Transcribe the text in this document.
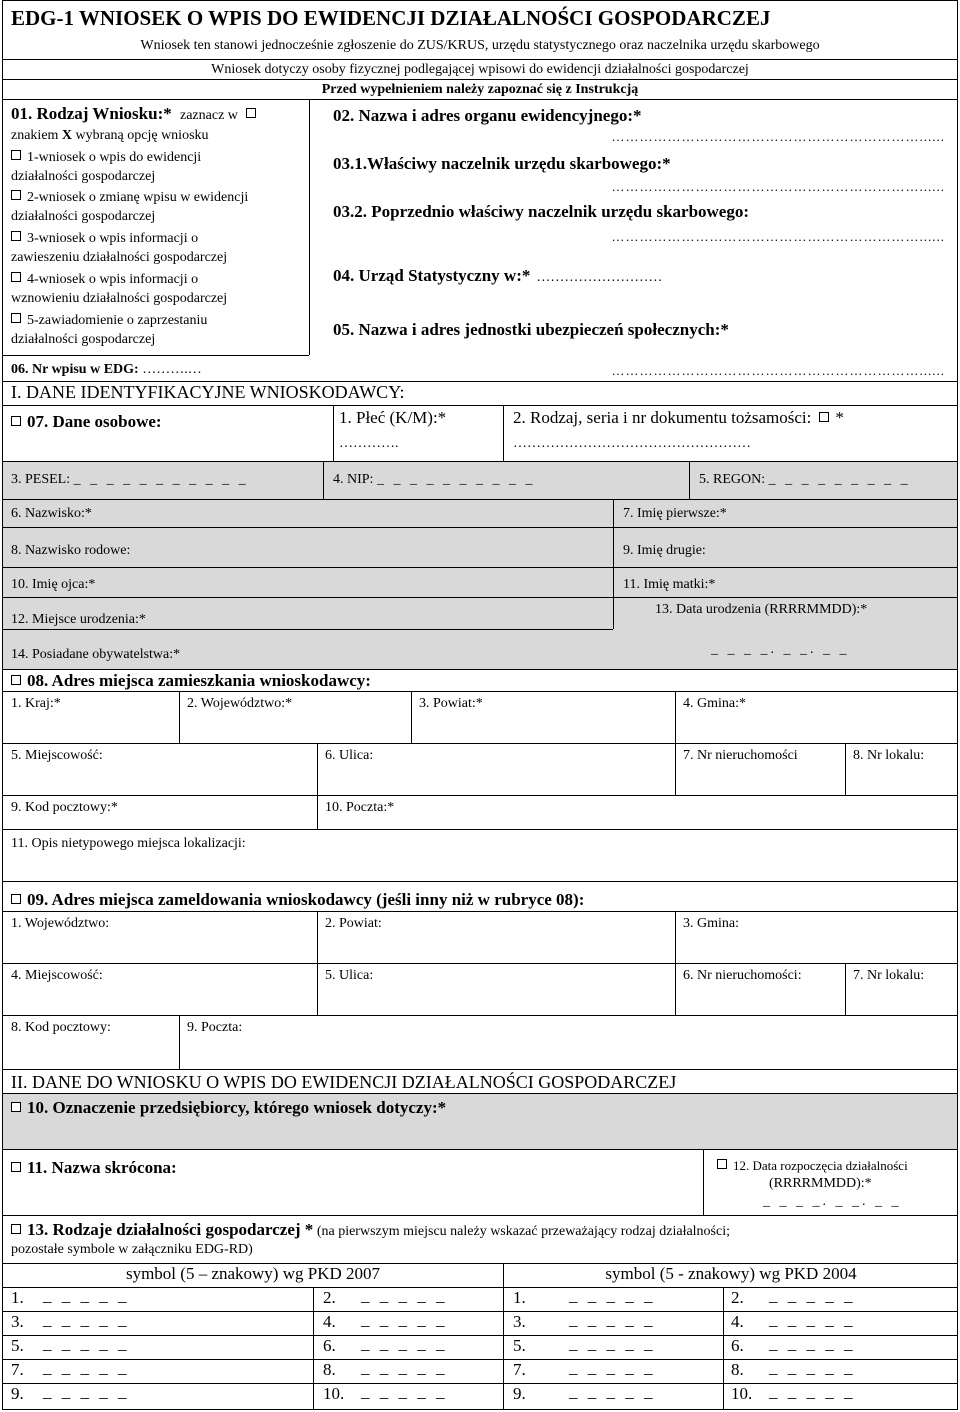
EDG-1 WNIOSEK O WPIS DO EWIDENCJI DZIAŁALNOŚCI GOSPODARCZEJ
Wniosek ten stanowi jednocześnie zgłoszenie do ZUS/KRUS, urzędu statystycznego oraz naczelnika urzędu skarbowego
Wniosek dotyczy osoby fizycznej podlegającej wpisowi do ewidencji działalności gospodarczej
Przed wypełnieniem należy zapoznać się z Instrukcją
01. Rodzaj Wniosku:* zaznacz w
znakiem X wybraną opcję wniosku
1-wniosek o wpis do ewidencji
działalności gospodarczej
2-wniosek o zmianę wpisu w ewidencji
działalności gospodarczej
3-wniosek o wpis informacji o
zawieszeniu działalności gospodarczej
4-wniosek o wpis informacji o
wznowieniu działalności gospodarczej
5-zawiadomienie o zaprzestaniu
działalności gospodarczej
06. Nr wpisu w EDG: ……….…
02. Nazwa i adres organu ewidencyjnego:*
…………………………………………………………......
03.1.Właściwy naczelnik urzędu skarbowego:*
…………………………………………………………......
03.2. Poprzednio właściwy naczelnik urzędu skarbowego:
…………………………………………………………......
04. Urząd Statystyczny w:* ………………………
05. Nazwa i adres jednostki ubezpieczeń społecznych:*
…………………………………………………………......
I. DANE IDENTYFIKACYJNE WNIOSKODAWCY:
07. Dane osobowe:	1. Płeć (K/M):*
………….
2. Rodzaj, seria i nr dokumentu tożsamości: *
……………………………………………
3. PESEL: _ _ _ _ _ _ _ _ _ _ _	4. NIP: _ _ _ _ _ _ _ _ _ _	5. REGON: _ _ _ _ _ _ _ _ _
6. Nazwisko:*	7. Imię pierwsze:*
8. Nazwisko rodowe:	9. Imię drugie:
10. Imię ojca:*	11. Imię matki:*
12. Miejsce urodzenia:*
13. Data urodzenia (RRRRMMDD):*
_ _ _ _. _ _. _ _
14. Posiadane obywatelstwa:*
08. Adres miejsca zamieszkania wnioskodawcy:
1. Kraj:*	2. Województwo:*	3. Powiat:*	4. Gmina:*
5. Miejscowość:	6. Ulica:	7. Nr nieruchomości	8. Nr lokalu:
9. Kod pocztowy:*	10. Poczta:*
11. Opis nietypowego miejsca lokalizacji:
09. Adres miejsca zameldowania wnioskodawcy (jeśli inny niż w rubryce 08):
1. Województwo:	2. Powiat:	3. Gmina:
4. Miejscowość:	5. Ulica:	6. Nr nieruchomości:	7. Nr lokalu:
8. Kod pocztowy:	9. Poczta:
II. DANE DO WNIOSKU O WPIS DO EWIDENCJI DZIAŁALNOŚCI GOSPODARCZEJ
10. Oznaczenie przedsiębiorcy, którego wniosek dotyczy:*
11. Nazwa skrócona:	12. Data rozpoczęcia działalności
(RRRRMMDD):*
_ _ _ _. _ _. _ _
13. Rodzaje działalności gospodarczej * (na pierwszym miejscu należy wskazać przeważający rodzaj działalności;
pozostałe symbole w załączniku EDG-RD)
symbol (5 – znakowy) wg PKD 2007	symbol (5 - znakowy) wg PKD 2004
1. _ _ _ _ _	2. _ _ _ _ _	1.	_ _ _ _ _	2. _ _ _ _ _
3. _ _ _ _ _	4. _ _ _ _ _	3.	_ _ _ _ _	4. _ _ _ _ _
5. _ _ _ _ _	6. _ _ _ _ _	5.	_ _ _ _ _	6. _ _ _ _ _
7. _ _ _ _ _	8. _ _ _ _ _	7.	_ _ _ _ _	8. _ _ _ _ _
9. _ _ _ _ _	10. _ _ _ _ _	9.	_ _ _ _ _	10. _ _ _ _ _
